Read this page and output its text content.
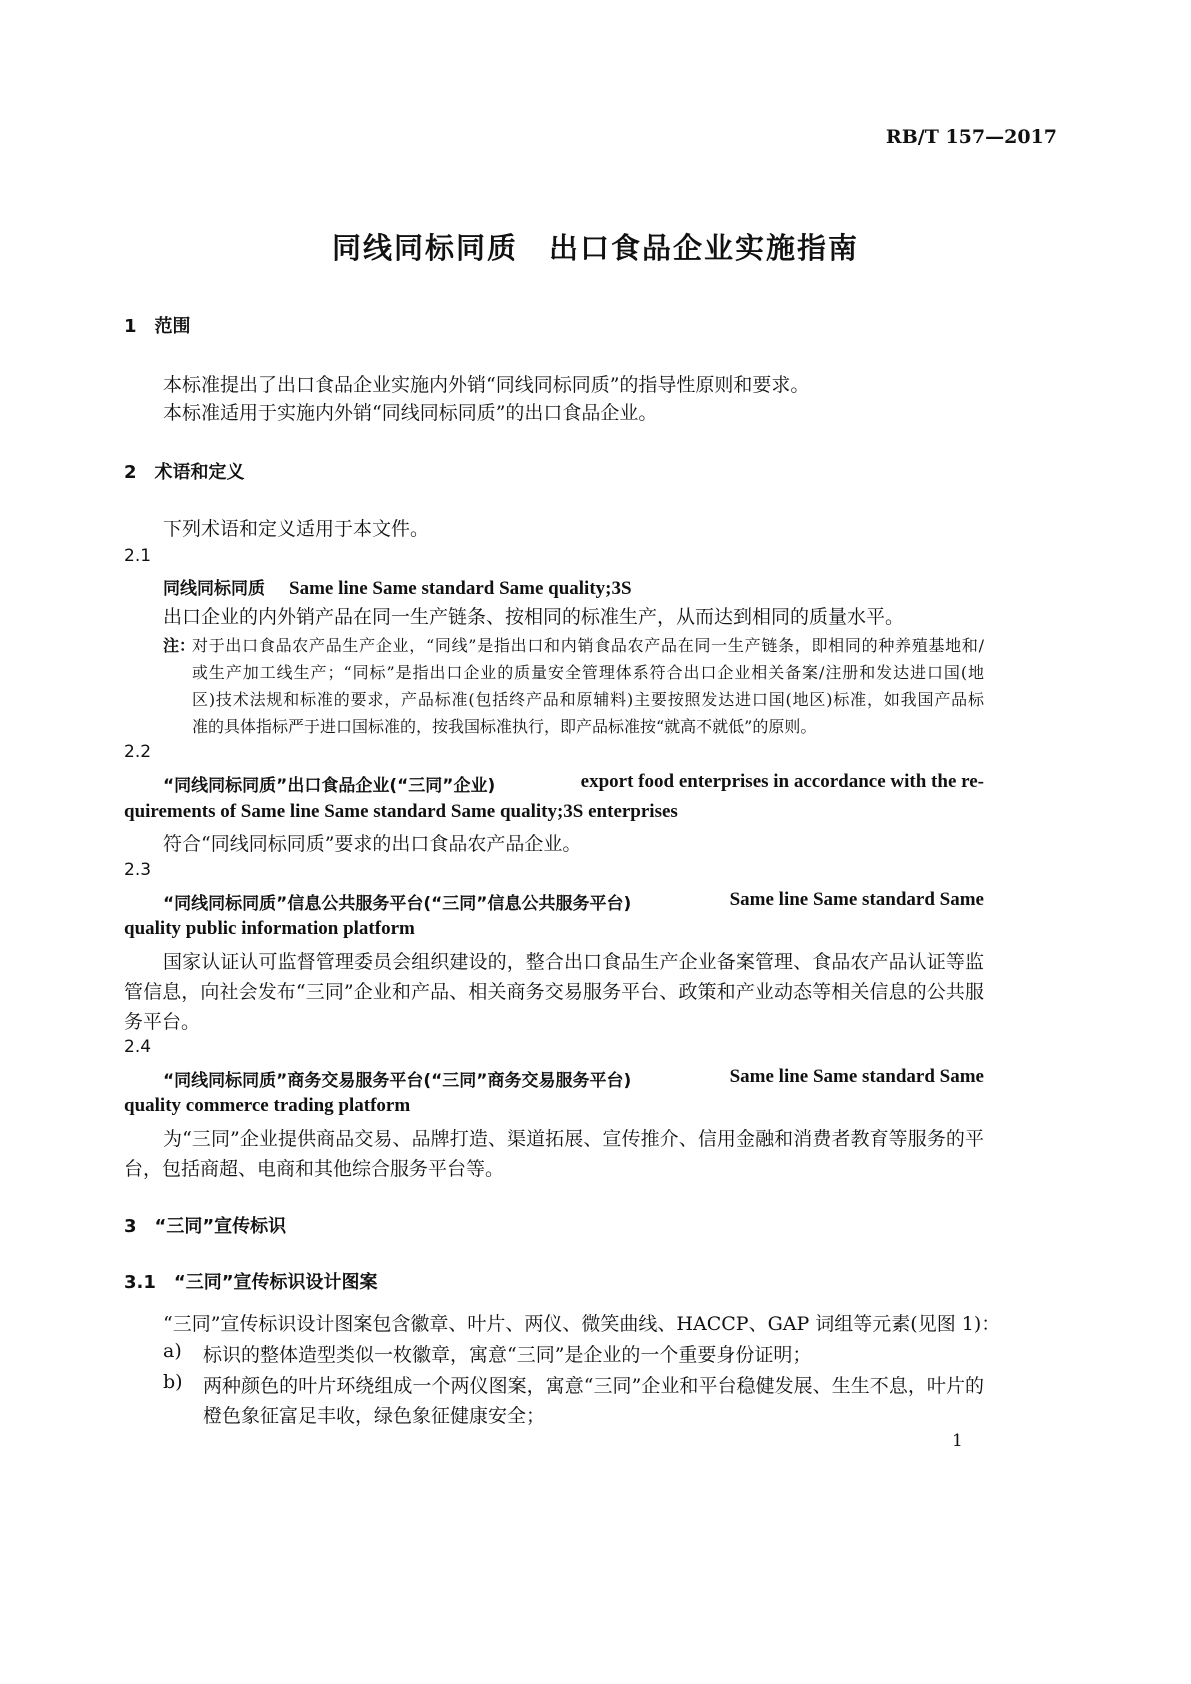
RB/T 157—2017
同线同标同质　出口食品企业实施指南
1　范围
本标准提出了出口食品企业实施内外销“同线同标同质”的指导性原则和要求。
本标准适用于实施内外销“同线同标同质”的出口食品企业。
2　术语和定义
下列术语和定义适用于本文件。
2.1
同线同标同质 Same line Same standard Same quality;3S
出口企业的内外销产品在同一生产链条、按相同的标准生产，从而达到相同的质量水平。
注：
对于出口食品农产品生产企业，“同线”是指出口和内销食品农产品在同一生产链条，即相同的种养殖基地和/
或生产加工线生产；“同标”是指出口企业的质量安全管理体系符合出口企业相关备案/注册和发达进口国(地
区)技术法规和标准的要求，产品标准(包括终产品和原辅料)主要按照发达进口国(地区)标准，如我国产品标
准的具体指标严于进口国标准的，按我国标准执行，即产品标准按“就高不就低”的原则。
2.2
“同线同标同质”出口食品企业(“三同”企业)	export food enterprises in accordance with the re-
quirements of Same line Same standard Same quality;3S enterprises
符合“同线同标同质”要求的出口食品农产品企业。
2.3
“同线同标同质”信息公共服务平台(“三同”信息公共服务平台)	Same line Same standard Same
quality public information platform
国家认证认可监督管理委员会组织建设的，整合出口食品生产企业备案管理、食品农产品认证等监
管信息，向社会发布“三同”企业和产品、相关商务交易服务平台、政策和产业动态等相关信息的公共服
务平台。
2.4
“同线同标同质”商务交易服务平台(“三同”商务交易服务平台)	Same line Same standard Same
quality commerce trading platform
为“三同”企业提供商品交易、品牌打造、渠道拓展、宣传推介、信用金融和消费者教育等服务的平
台，包括商超、电商和其他综合服务平台等。
3　“三同”宣传标识
3.1　“三同”宣传标识设计图案
“三同”宣传标识设计图案包含徽章、叶片、两仪、微笑曲线、HACCP、GAP 词组等元素(见图 1)：
a) 标识的整体造型类似一枚徽章，寓意“三同”是企业的一个重要身份证明；
b) 两种颜色的叶片环绕组成一个两仪图案，寓意“三同”企业和平台稳健发展、生生不息，叶片的
橙色象征富足丰收，绿色象征健康安全；
1
